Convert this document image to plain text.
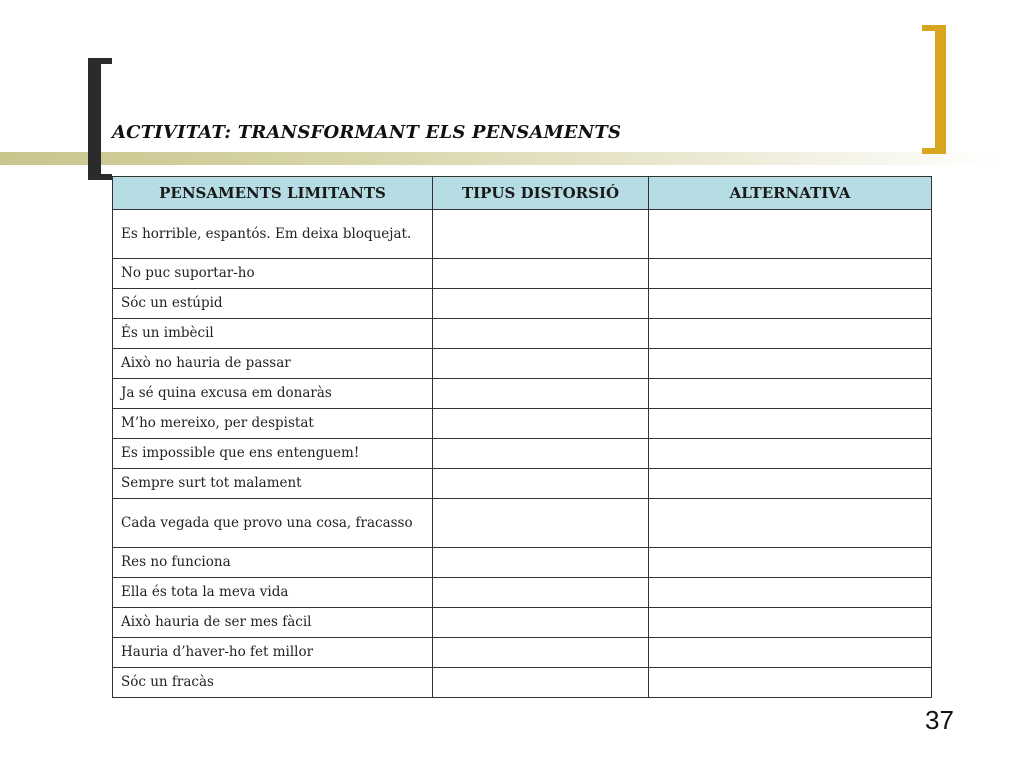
ACTIVITAT: TRANSFORMANT ELS PENSAMENTS
PENSAMENTS LIMITANTS	TIPUS DISTORSIÓ	ALTERNATIVA
Es horrible, espantós. Em deixa bloquejat.		
No puc suportar-ho		
Sóc un estúpid		
És un imbècil		
Això no hauria de passar		
Ja sé quina excusa em donaràs		
M’ho mereixo, per despistat		
Es impossible que ens entenguem!		
Sempre surt tot malament		
Cada vegada que provo una cosa, fracasso		
Res no funciona		
Ella és tota la meva vida		
Això hauria de ser mes fàcil		
Hauria d’haver-ho fet millor		
Sóc un fracàs		
37
